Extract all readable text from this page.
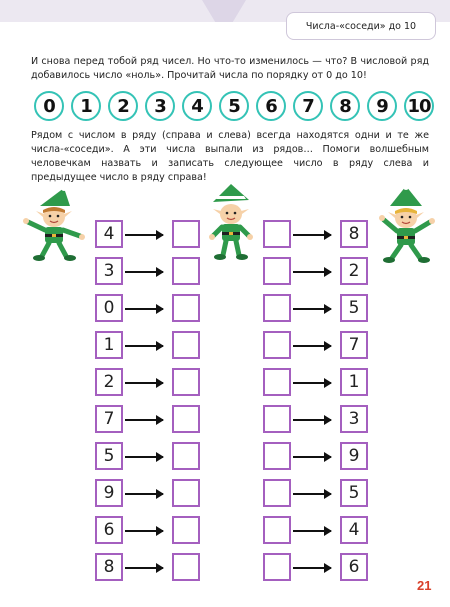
Числа-«соседи» до 10
И снова перед тобой ряд чисел. Но что-то изменилось — что? В числовой ряд добавилось число «ноль». Прочитай числа по порядку от 0 до 10!
0	1	2	3	4	5	6	7	8	9	10
Рядом с числом в ряду (справа и слева) всегда находятся одни и те же числа-«соседи». А эти числа выпали из рядов… Помоги волшебным человечкам назвать и записать следующее число в ряду слева и предыдущее число в ряду справа!
4	8
3	2
0	5
1	7
2	1
7	3
5	9
9	5
6	4
8	6
21
